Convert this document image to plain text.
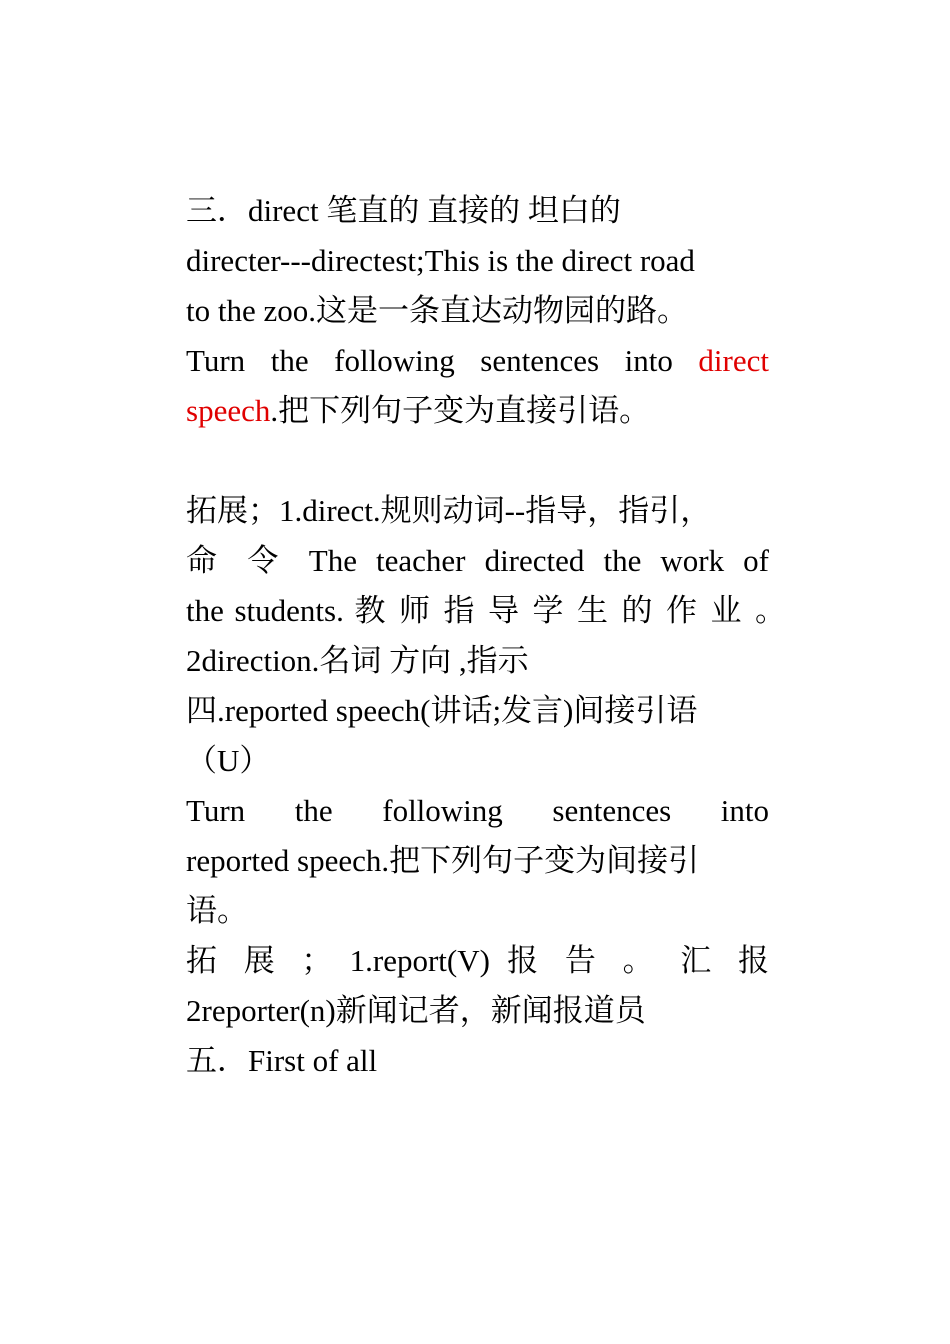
三．direct 笔直的 直接的 坦白的
directer---directest;This is the direct road
to the zoo.这是一条直达动物园的路。
Turn the following sentences into direct
speech.把下列句子变为直接引语。
拓展；1.direct.规则动词--指导，指引，
命 令 The teacher directed the work of
the students. 教 师 指 导 学 生 的 作 业 。
2direction.名词 方向 ,指示
四.reported speech(讲话;发言)间接引语
（U）
Turn the following sentences into
reported speech.把下列句子变为间接引
语。
拓 展 ； 1.report(V) 报 告 。 汇 报
2reporter(n)新闻记者，新闻报道员
五．First of all
